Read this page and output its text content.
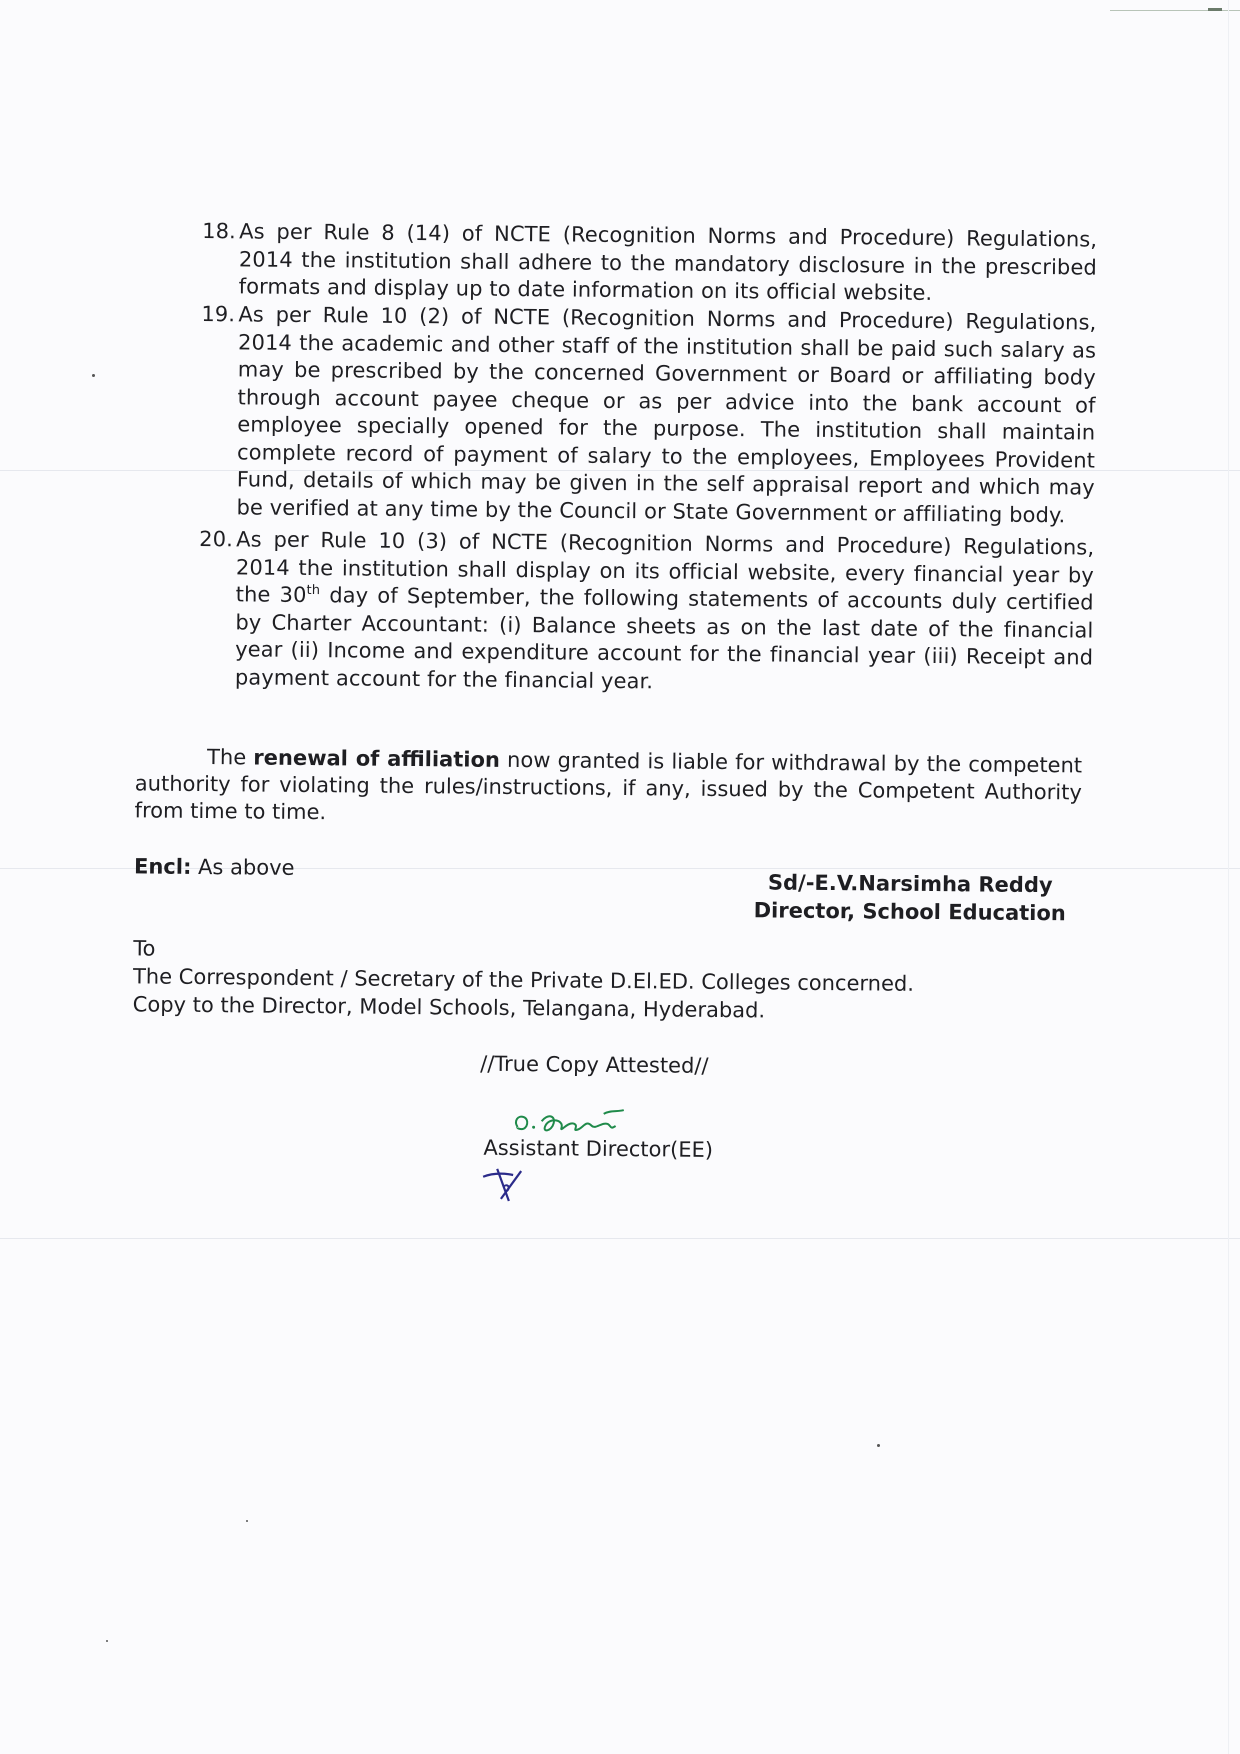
18. As per Rule 8 (14) of NCTE (Recognition Norms and Procedure) Regulations, 2014 the institution shall adhere to the mandatory disclosure in the prescribed formats and display up to date information on its official website.
19. As per Rule 10 (2) of NCTE (Recognition Norms and Procedure) Regulations, 2014 the academic and other staff of the institution shall be paid such salary as may be prescribed by the concerned Government or Board or affiliating body through account payee cheque or as per advice into the bank account of employee specially opened for the purpose. The institution shall maintain complete record of payment of salary to the employees, Employees Provident Fund, details of which may be given in the self appraisal report and which may be verified at any time by the Council or State Government or affiliating body.
20. As per Rule 10 (3) of NCTE (Recognition Norms and Procedure) Regulations, 2014 the institution shall display on its official website, every financial year by the 30th day of September, the following statements of accounts duly certified by Charter Accountant: (i) Balance sheets as on the last date of the financial year (ii) Income and expenditure account for the financial year (iii) Receipt and payment account for the financial year.
The renewal of affiliation now granted is liable for withdrawal by the competent authority for violating the rules/instructions, if any, issued by the Competent Authority from time to time.
Encl: As above
Sd/-E.V.Narsimha Reddy
Director, School Education
To
The Correspondent / Secretary of the Private D.El.ED. Colleges concerned.
Copy to the Director, Model Schools, Telangana, Hyderabad.
//True Copy Attested//
Assistant Director(EE)
